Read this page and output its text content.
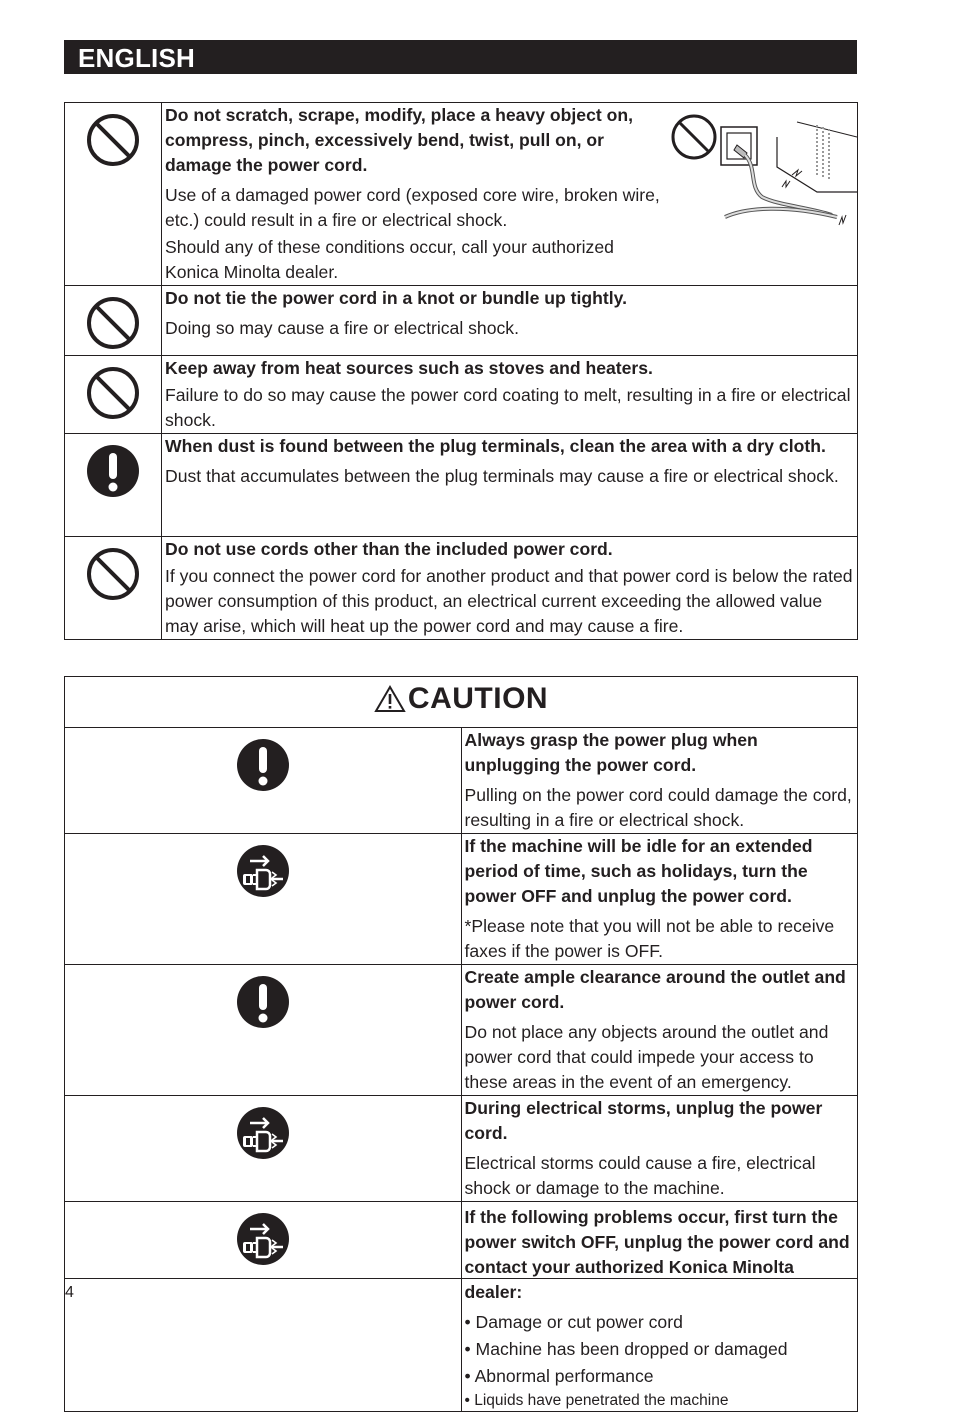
ENGLISH

Do not scratch, scrape, modify, place a heavy object on, compress, pinch, excessively bend, twist, pull on, or damage the power cord.

Use of a damaged power cord (exposed core wire, broken wire, etc.) could result in a fire or electrical shock.

Should any of these conditions occur, call your authorized Konica Minolta dealer.

Do not tie the power cord in a knot or bundle up tightly.

Doing so may cause a fire or electrical shock.

Keep away from heat sources such as stoves and heaters.

Failure to do so may cause the power cord coating to melt, resulting in a fire or electrical shock.

When dust is found between the plug terminals, clean the area with a dry cloth.

Dust that accumulates between the plug terminals may cause a fire or electrical shock.

Do not use cords other than the included power cord.

If you connect the power cord for another product and that power cord is below the rated power consumption of this product, an electrical current exceeding the allowed value may arise, which will heat up the power cord and may cause a fire.

CAUTION	

Always grasp the power plug when unplugging the power cord.

Pulling on the power cord could damage the cord, resulting in a fire or electrical shock.

If the machine will be idle for an extended period of time, such as holidays, turn the power OFF and unplug the power cord.

*Please note that you will not be able to receive faxes if the power is OFF.

Create ample clearance around the outlet and power cord.

Do not place any objects around the outlet and power cord that could impede your access to these areas in the event of an emergency.

During electrical storms, unplug the power cord.

Electrical storms could cause a fire, electrical shock or damage to the machine.

If the following problems occur, first turn the power switch OFF, unplug the power cord and contact your authorized Konica Minolta dealer:

• Damage or cut power cord

• Machine has been dropped or damaged

• Abnormal performance

• Liquids have penetrated the machine

4
